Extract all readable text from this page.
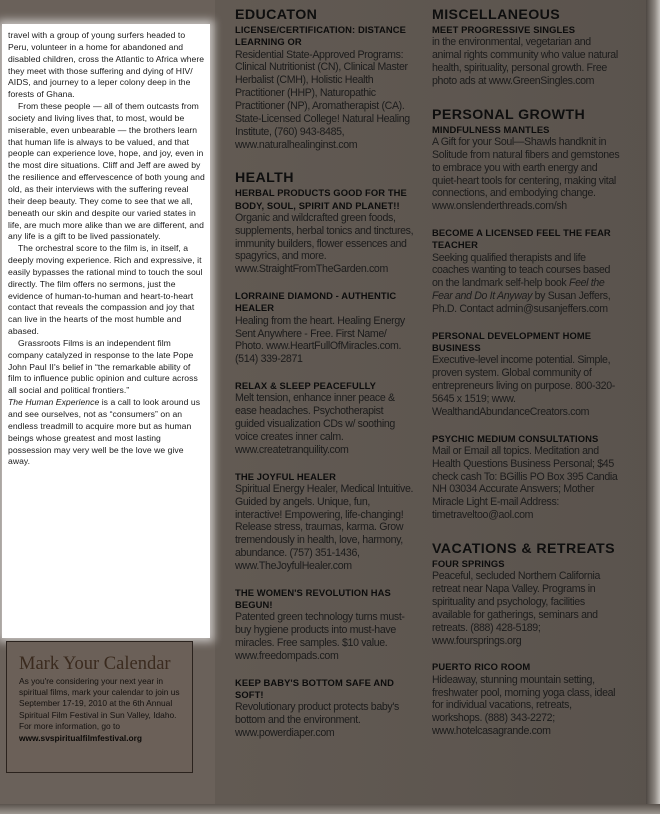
travel with a group of young surfers headed to Peru, volunteer in a home for abandoned and disabled children, cross the Atlantic to Africa where they meet with those suffering and dying of HIV/ AIDS, and journey to a leper colony deep in the forests of Ghana.

From these people — all of them outcasts from society and living lives that, to most, would be miserable, even unbearable — the brothers learn that human life is always to be valued, and that people can experience love, hope, and joy, even in the most dire situations. Cliff and Jeff are awed by the resilience and effervescence of both young and old, as their interviews with the suffering reveal their deep beauty. They come to see that we all, beneath our skin and despite our varied states in life, are much more alike than we are different, and any life is a gift to be lived passionately.

The orchestral score to the film is, in itself, a deeply moving experience. Rich and expressive, it easily bypasses the rational mind to touch the soul directly. The film offers no sermons, just the evidence of human-to-human and heart-to-heart contact that reveals the compassion and joy that can live in the hearts of the most humble and abased.

Grassroots Films is an independent film company catalyzed in response to the late Pope John Paul II's belief in “the remarkable ability of film to influence public opinion and culture across all social and political frontiers.”

The Human Experience is a call to look around us and see ourselves, not as “consumers” on an endless treadmill to acquire more but as human beings whose greatest and most lasting possession may very well be the love we give away.

Mark Your Calendar
As you're considering your next year in spiritual films, mark your calendar to join us September 17-19, 2010 at the 6th Annual Spiritual Film Festival in Sun Valley, Idaho. For more information, go to
www.svspiritualfilmfestival.org
EDUCATON
LICENSE/CERTIFICATION: DISTANCE LEARNING OR
Residential State-Approved Programs: Clinical Nutritionist (CN), Clinical Master Herbalist (CMH), Holistic Health Practitioner (HHP), Naturopathic Practitioner (NP), Aromatherapist (CA). State-Licensed College! Natural Healing Institute, (760) 943-8485, www.naturalhealinginst.com
HEALTH
HERBAL PRODUCTS GOOD FOR THE BODY, SOUL, SPIRIT AND PLANET!!
Organic and wildcrafted green foods, supplements, herbal tonics and tinctures, immunity builders, flower essences and spagyrics, and more. www.StraightFromTheGarden.com
LORRAINE DIAMOND - AUTHENTIC HEALER
Healing from the heart. Healing Energy Sent Anywhere - Free. First Name/ Photo. www.HeartFullOfMiracles.com. (514) 339-2871
RELAX & SLEEP PEACEFULLY
Melt tension, enhance inner peace & ease headaches. Psychotherapist guided visualization CDs w/ soothing voice creates inner calm. www.createtranquility.com
THE JOYFUL HEALER
Spiritual Energy Healer, Medical Intuitive. Guided by angels. Unique, fun, interactive! Empowering, life-changing! Release stress, traumas, karma. Grow tremendously in health, love, harmony, abundance. (757) 351-1436, www.TheJoyfulHealer.com
THE WOMEN'S REVOLUTION HAS BEGUN!
Patented green technology turns must-buy hygiene products into must-have miracles. Free samples. $10 value. www.freedompads.com
KEEP BABY'S BOTTOM SAFE AND SOFT!
Revolutionary product protects baby's bottom and the environment. www.powerdiaper.com
MISCELLANEOUS
MEET PROGRESSIVE SINGLES
in the environmental, vegetarian and animal rights community who value natural health, spirituality, personal growth. Free photo ads at www.GreenSingles.com
PERSONAL GROWTH
MINDFULNESS MANTLES
A Gift for your Soul—Shawls handknit in Solitude from natural fibers and gemstones to embrace you with earth energy and quiet-heart tools for centering, making vital connections, and embodying change. www.onslenderthreads.com/sh
BECOME A LICENSED FEEL THE FEAR TEACHER
Seeking qualified therapists and life coaches wanting to teach courses based on the landmark self-help book Feel the Fear and Do It Anyway by Susan Jeffers, Ph.D. Contact admin@susanjeffers.com
PERSONAL DEVELOPMENT HOME BUSINESS
Executive-level income potential. Simple, proven system. Global community of entrepreneurs living on purpose. 800-320-5645 x 1519; www. WealthandAbundanceCreators.com
PSYCHIC MEDIUM CONSULTATIONS
Mail or Email all topics. Meditation and Health Questions Business Personal; $45 check cash To: BGillis PO Box 395 Candia NH 03034 Accurate Answers; Mother Miracle Light E-mail Address: timetraveltoo@aol.com
VACATIONS & RETREATS
FOUR SPRINGS
Peaceful, secluded Northern California retreat near Napa Valley. Programs in spirituality and psychology, facilities available for gatherings, seminars and retreats. (888) 428-5189; www.foursprings.org
PUERTO RICO ROOM
Hideaway, stunning mountain setting, freshwater pool, morning yoga class, ideal for individual vacations, retreats, workshops. (888) 343-2272; www.hotelcasagrande.com
